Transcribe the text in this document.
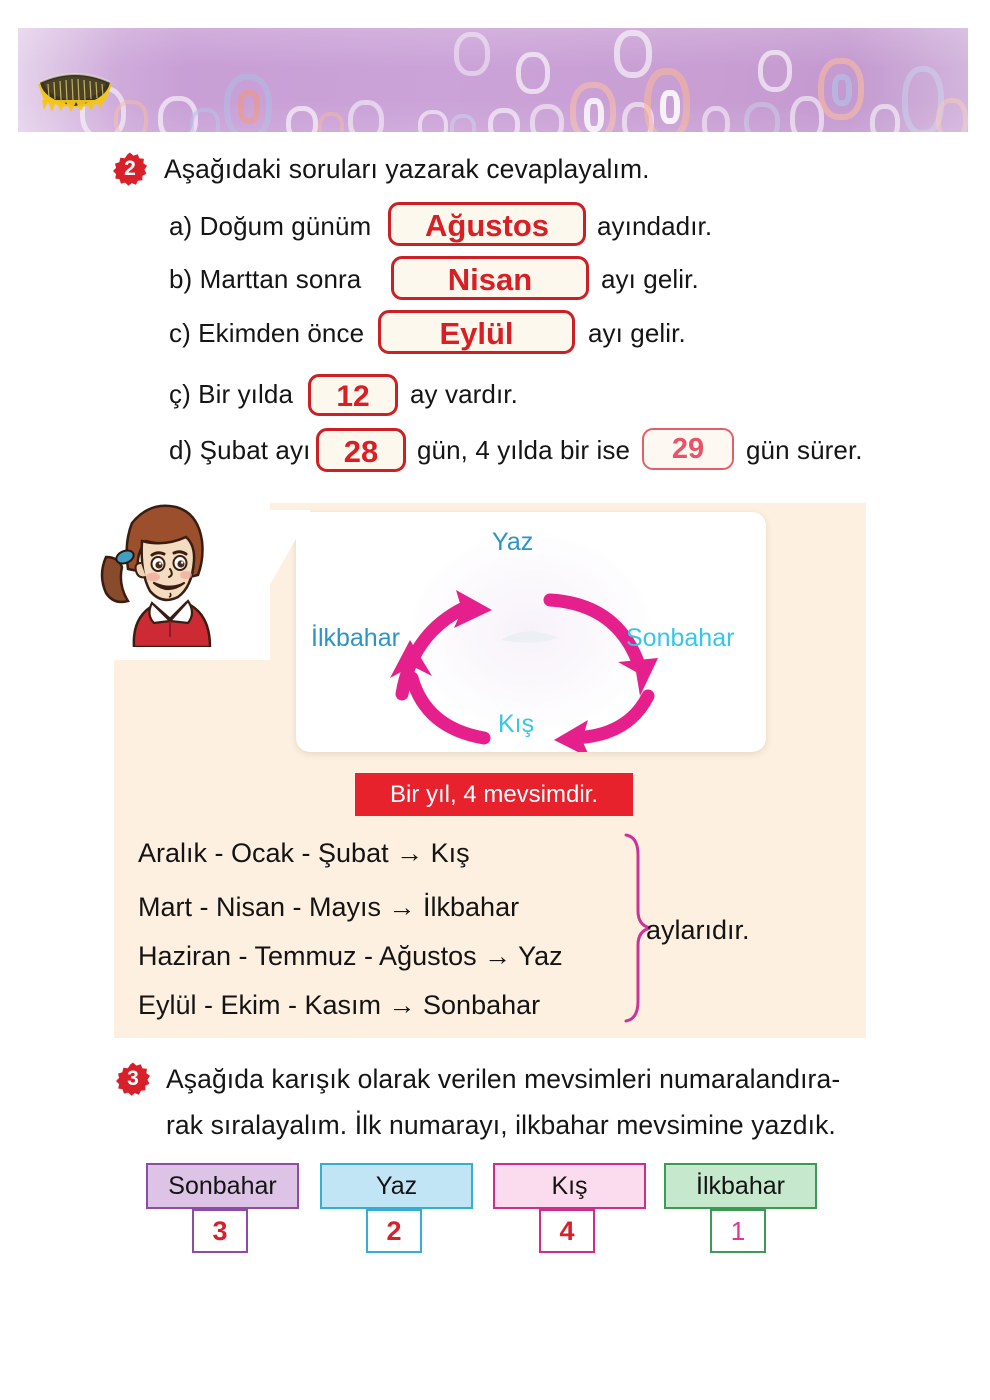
2	Aşağıdaki soruları yazarak cevaplayalım.
a) Doğum günüm	Ağustos	ayındadır.
b) Marttan sonra	Nisan	ayı gelir.
c) Ekimden önce	Eylül	ayı gelir.
ç) Bir yılda	12	ay vardır.
d) Şubat ayı	28	gün, 4 yılda bir ise	29	gün sürer.
Yaz
Sonbahar
Kış
İlkbahar
Bir yıl, 4 mevsimdir.
Aralık - Ocak - Şubat → Kış
Mart - Nisan - Mayıs → İlkbahar
Haziran - Temmuz - Ağustos → Yaz
Eylül - Ekim - Kasım → Sonbahar
aylarıdır.
3	Aşağıda karışık olarak verilen mevsimleri numaralandıra-
rak sıralayalım. İlk numarayı, ilkbahar mevsimine yazdık.
Sonbahar
3
Yaz
2
Kış
4
İlkbahar
1
